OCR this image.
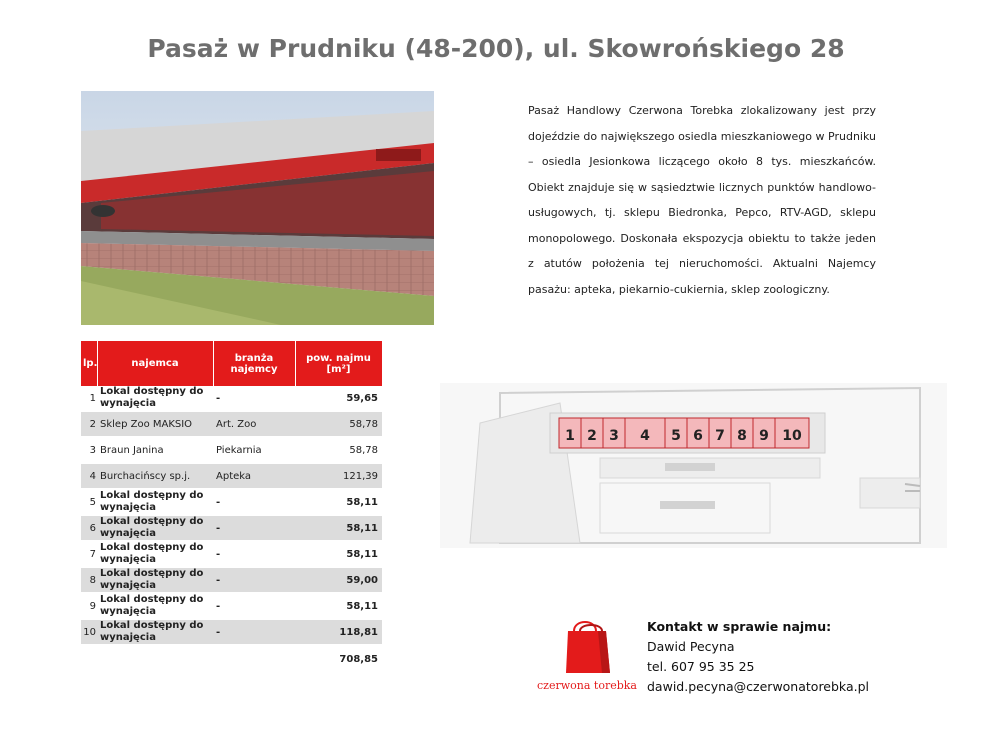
Pasaż w Prudniku (48-200), ul. Skowrońskiego 28

Pasaż Handlowy Czerwona Torebka zlokalizowany jest przy dojeździe do największego osiedla mieszkaniowego w Prudniku – osiedla Jesionkowa liczącego około 8 tys. mieszkańców. Obiekt znajduje się w sąsiedztwie licznych punktów handlowo-usługowych, tj. sklepu Biedronka, Pepco, RTV-AGD, sklepu monopolowego. Doskonała ekspozycja obiektu to także jeden z atutów położenia tej nieruchomości. Aktualni Najemcy pasażu: apteka, piekarnio-cukiernia, sklep zoologiczny.

lp.	najemca	branża najemcy	pow. najmu [m²]
1	Lokal dostępny do wynajęcia	-	59,65
2	Sklep Zoo MAKSIO	Art. Zoo	58,78
3	Braun Janina	Piekarnia	58,78
4	Burchacińscy sp.j.	Apteka	121,39
5	Lokal dostępny do wynajęcia	-	58,11
6	Lokal dostępny do wynajęcia	-	58,11
7	Lokal dostępny do wynajęcia	-	58,11
8	Lokal dostępny do wynajęcia	-	59,00
9	Lokal dostępny do wynajęcia	-	58,11
10	Lokal dostępny do wynajęcia	-	118,81
			708,85
1 2 3 4 5 6 7 8 9 10
czerwona torebka
Kontakt w sprawie najmu:
Dawid Pecyna
tel. 607 95 35 25
dawid.pecyna@czerwonatorebka.pl
